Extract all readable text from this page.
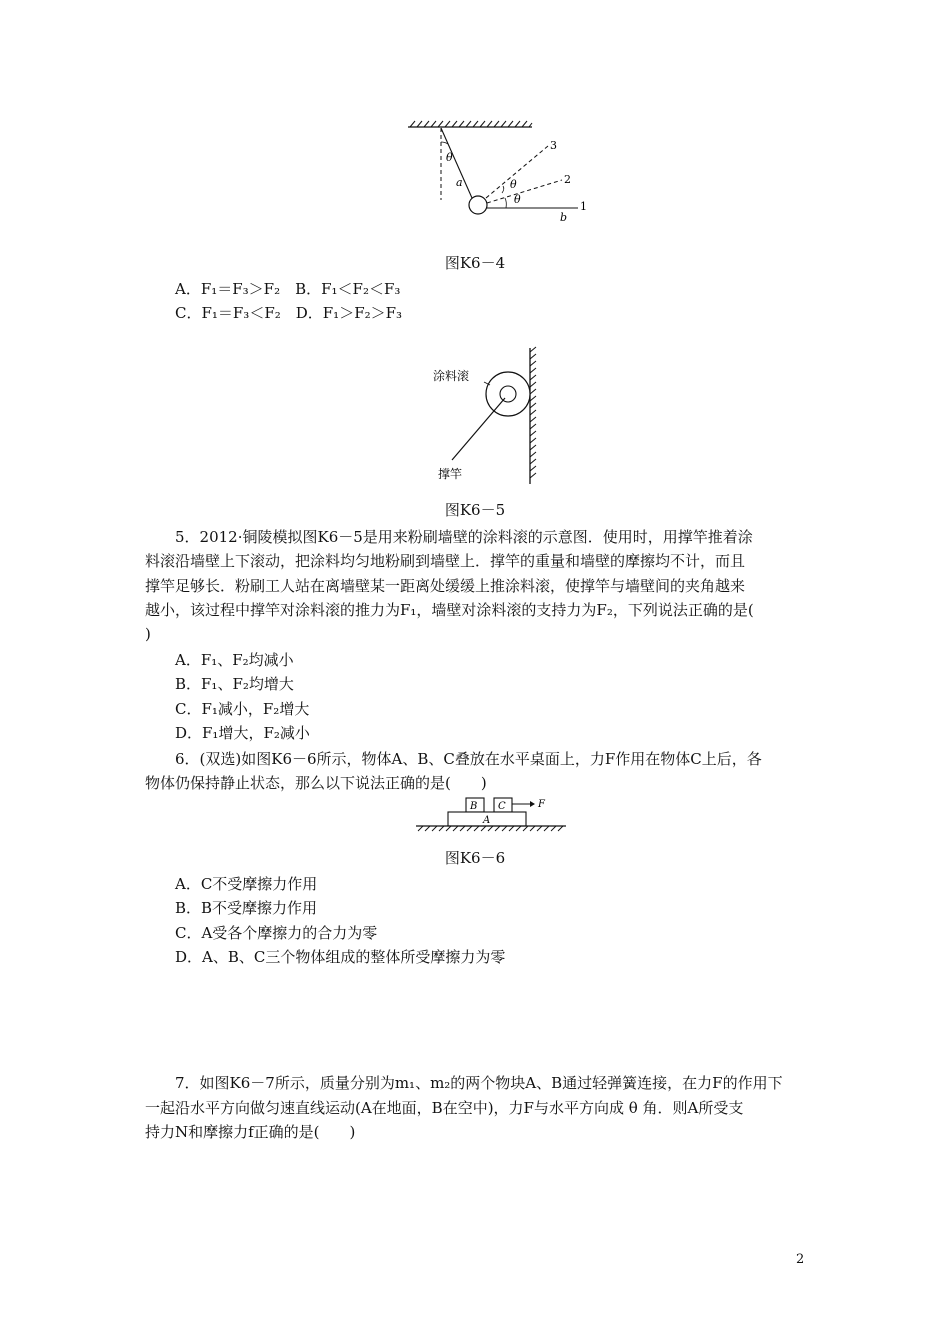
θ
a	θ
θ
1
2
3
b
图K6－4
A．F₁＝F₃＞F₂　B．F₁＜F₂＜F₃
C．F₁＝F₃＜F₂　D．F₁＞F₂＞F₃
涂料滚
撑竿
图K6－5
5．2012·铜陵模拟图K6－5是用来粉刷墙壁的涂料滚的示意图．使用时，用撑竿推着涂
料滚沿墙壁上下滚动，把涂料均匀地粉刷到墙壁上．撑竿的重量和墙壁的摩擦均不计，而且
撑竿足够长．粉刷工人站在离墙壁某一距离处缓缓上推涂料滚，使撑竿与墙壁间的夹角越来
越小，该过程中撑竿对涂料滚的推力为F₁，墙壁对涂料滚的支持力为F₂，下列说法正确的是(
)
A．F₁、F₂均减小
B．F₁、F₂均增大
C．F₁减小，F₂增大
D．F₁增大，F₂减小
6．(双选)如图K6－6所示，物体A、B、C叠放在水平桌面上，力F作用在物体C上后，各
物体仍保持静止状态，那么以下说法正确的是(　　)
B C
A
F
图K6－6
A．C不受摩擦力作用
B．B不受摩擦力作用
C．A受各个摩擦力的合力为零
D．A、B、C三个物体组成的整体所受摩擦力为零
7．如图K6－7所示，质量分别为m₁、m₂的两个物块A、B通过轻弹簧连接，在力F的作用下
一起沿水平方向做匀速直线运动(A在地面，B在空中)，力F与水平方向成 θ 角．则A所受支
持力N和摩擦力f正确的是(　　)
2
